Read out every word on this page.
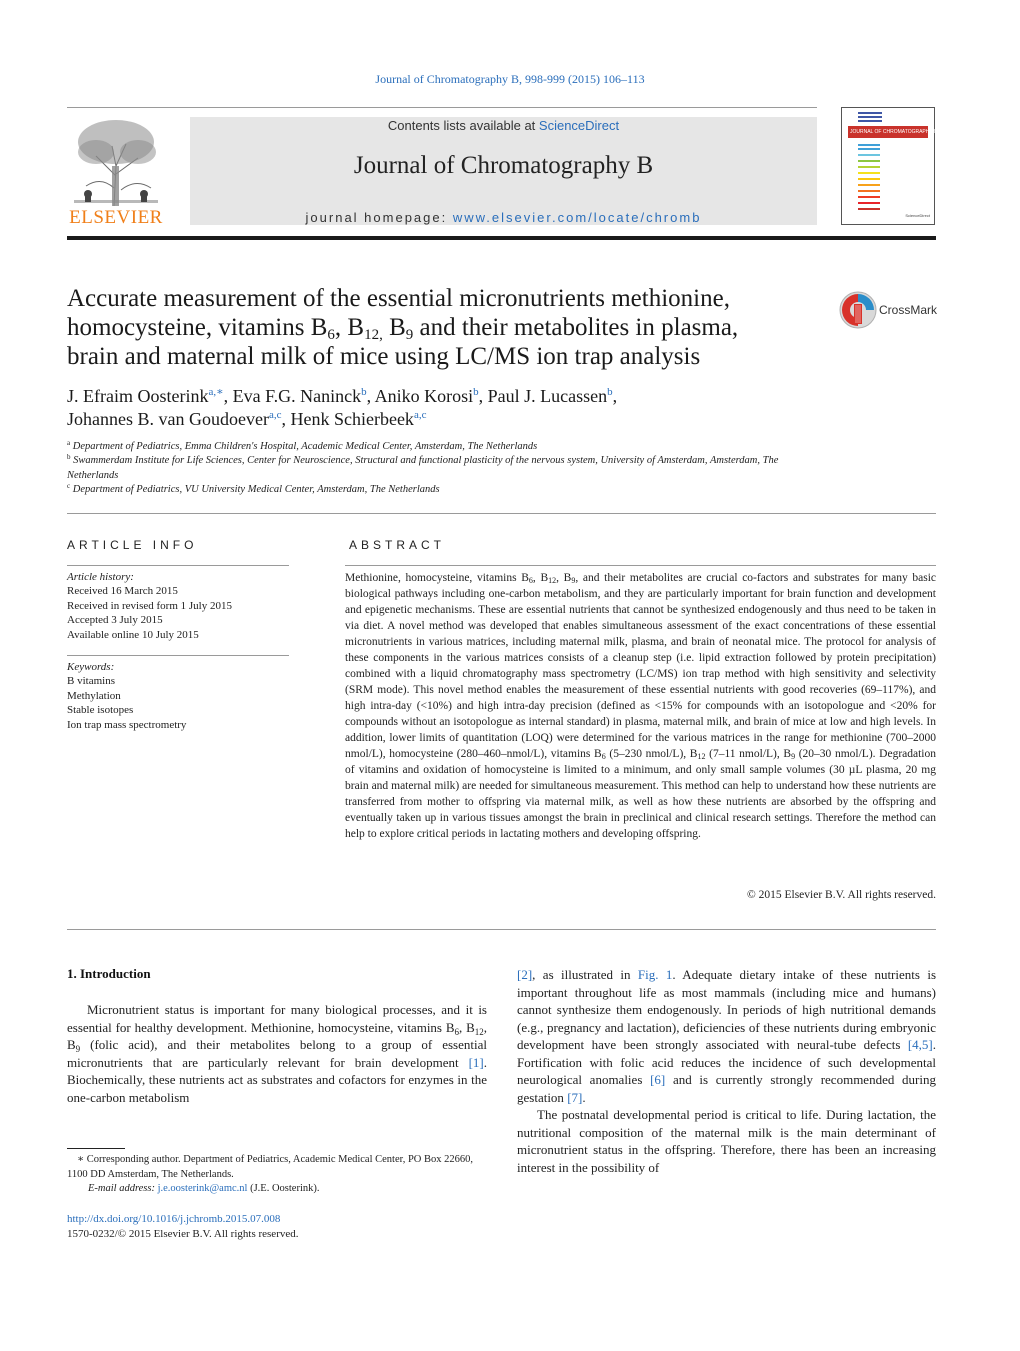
Journal of Chromatography B, 998-999 (2015) 106–113
ELSEVIER
Contents lists available at ScienceDirect
Journal of Chromatography B
journal homepage: www.elsevier.com/locate/chromb
JOURNAL OF CHROMATOGRAPHY B
ScienceDirect
Accurate measurement of the essential micronutrients methionine,
homocysteine, vitamins $B_6$, $B_{12,}$ $B_9$ and their metabolites in plasma,
brain and maternal milk of mice using LC/MS ion trap analysis
CrossMark
J. Efraim Oosterink$^{a,∗}$, Eva F.G. Naninck$^b$, Aniko Korosi$^b$, Paul J. Lucassen$^b$,
Johannes B. van Goudoever$^{a,c}$, Henk Schierbeek$^{a,c}$
$^a$ Department of Pediatrics, Emma Children's Hospital, Academic Medical Center, Amsterdam, The Netherlands
$^b$ Swammerdam Institute for Life Sciences, Center for Neuroscience, Structural and functional plasticity of the nervous system, University of Amsterdam, Amsterdam, The Netherlands
$^c$ Department of Pediatrics, VU University Medical Center, Amsterdam, The Netherlands
ARTICLE INFO
Article history:
Received 16 March 2015
Received in revised form 1 July 2015
Accepted 3 July 2015
Available online 10 July 2015
Keywords:
B vitamins
Methylation
Stable isotopes
Ion trap mass spectrometry
ABSTRACT
Methionine, homocysteine, vitamins $B_6$, $B_{12}$, $B_9$, and their metabolites are crucial co-factors and substrates for many basic biological pathways including one-carbon metabolism, and they are particularly important for brain function and development and epigenetic mechanisms. These are essential nutrients that cannot be synthesized endogenously and thus need to be taken in via diet. A novel method was developed that enables simultaneous assessment of the exact concentrations of these essential micronutrients in various matrices, including maternal milk, plasma, and brain of neonatal mice. The protocol for analysis of these components in the various matrices consists of a cleanup step (i.e. lipid extraction followed by protein precipitation) combined with a liquid chromatography mass spectrometry (LC/MS) ion trap method with high sensitivity and selectivity (SRM mode). This novel method enables the measurement of these essential nutrients with good recoveries (69–117%), and high intra-day (<10%) and high intra-day precision (defined as <15% for compounds with an isotopologue and <20% for compounds without an isotopologue as internal standard) in plasma, maternal milk, and brain of mice at low and high levels. In addition, lower limits of quantitation (LOQ) were determined for the various matrices in the range for methionine (700–2000 nmol/L), homocysteine (280–460–nmol/L), vitamins $B_6$ (5–230 nmol/L), $B_{12}$ (7–11 nmol/L), $B_9$ (20–30 nmol/L). Degradation of vitamins and oxidation of homocysteine is limited to a minimum, and only small sample volumes (30 µL plasma, 20 mg brain and maternal milk) are needed for simultaneous measurement. This method can help to understand how these nutrients are transferred from mother to offspring via maternal milk, as well as how these nutrients are absorbed by the offspring and eventually taken up in various tissues amongst the brain in preclinical and clinical research settings. Therefore the method can help to explore critical periods in lactating mothers and developing offspring.
© 2015 Elsevier B.V. All rights reserved.
1. Introduction
Micronutrient status is important for many biological processes, and it is essential for healthy development. Methionine, homocysteine, vitamins $B_6$, $B_{12}$, $B_9$ (folic acid), and their metabolites belong to a group of essential micronutrients that are particularly relevant for brain development [1]. Biochemically, these nutrients act as substrates and cofactors for enzymes in the one-carbon metabolism
[2], as illustrated in Fig. 1. Adequate dietary intake of these nutrients is important throughout life as most mammals (including mice and humans) cannot synthesize them endogenously. In periods of high nutritional demands (e.g., pregnancy and lactation), deficiencies of these nutrients during embryonic development have been strongly associated with neural-tube defects [4,5]. Fortification with folic acid reduces the incidence of such developmental neurological anomalies [6] and is currently strongly recommended during gestation [7].
The postnatal developmental period is critical to life. During lactation, the nutritional composition of the maternal milk is the main determinant of micronutrient status in the offspring. Therefore, there has been an increasing interest in the possibility of
∗ Corresponding author. Department of Pediatrics, Academic Medical Center, PO Box 22660, 1100 DD Amsterdam, The Netherlands.
E-mail address: j.e.oosterink@amc.nl (J.E. Oosterink).
http://dx.doi.org/10.1016/j.jchromb.2015.07.008
1570-0232/© 2015 Elsevier B.V. All rights reserved.
